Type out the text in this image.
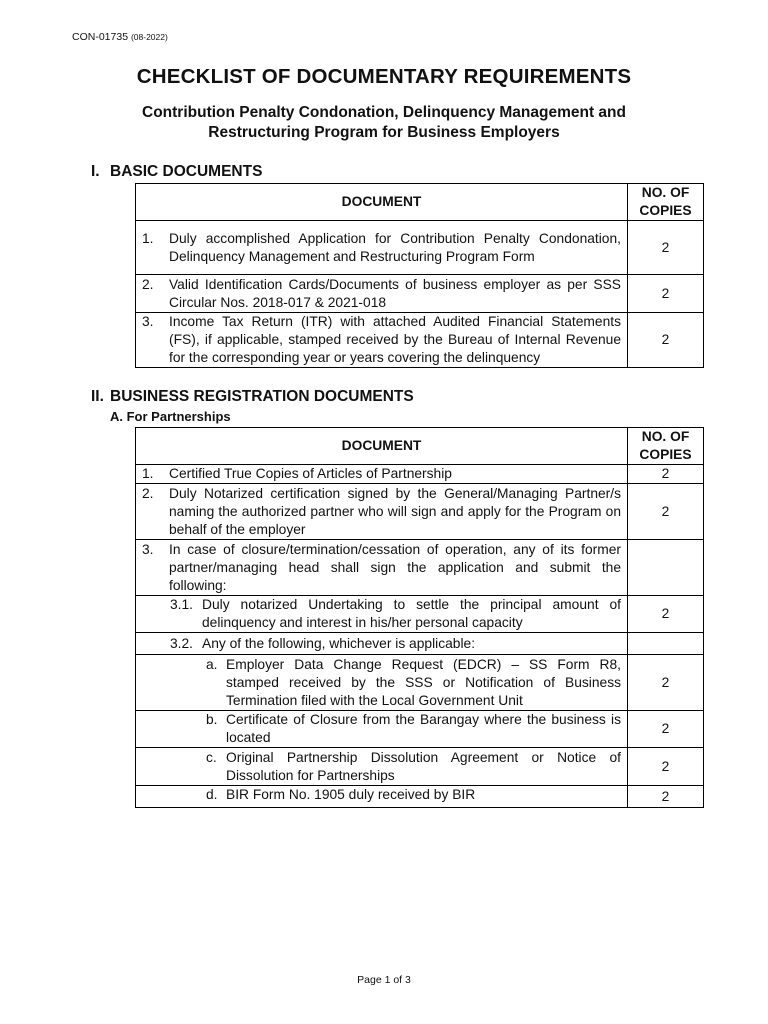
CON-01735 (08-2022)
CHECKLIST OF DOCUMENTARY REQUIREMENTS
Contribution Penalty Condonation, Delinquency Management and
Restructuring Program for Business Employers
I. BASIC DOCUMENTS
DOCUMENT	NO. OF COPIES

1. Duly accomplished Application for Contribution Penalty Condonation, Delinquency Management and Restructuring Program Form	2

2. Valid Identification Cards/Documents of business employer as per SSS Circular Nos. 2018-017 & 2021-018	2

3. Income Tax Return (ITR) with attached Audited Financial Statements (FS), if applicable, stamped received by the Bureau of Internal Revenue for the corresponding year or years covering the delinquency	2
II. BUSINESS REGISTRATION DOCUMENTS
A. For Partnerships
DOCUMENT	NO. OF COPIES

1. Certified True Copies of Articles of Partnership	2

2. Duly Notarized certification signed by the General/Managing Partner/s naming the authorized partner who will sign and apply for the Program on behalf of the employer	2

3. In case of closure/termination/cessation of operation, any of its former partner/managing head shall sign the application and submit the following:	

3.1. Duly notarized Undertaking to settle the principal amount of delinquency and interest in his/her personal capacity	2

3.2. Any of the following, whichever is applicable:	

a. Employer Data Change Request (EDCR) – SS Form R8, stamped received by the SSS or Notification of Business Termination filed with the Local Government Unit	2

b. Certificate of Closure from the Barangay where the business is located	2

c. Original Partnership Dissolution Agreement or Notice of Dissolution for Partnerships	2

d. BIR Form No. 1905 duly received by BIR	2
Page 1 of 3
